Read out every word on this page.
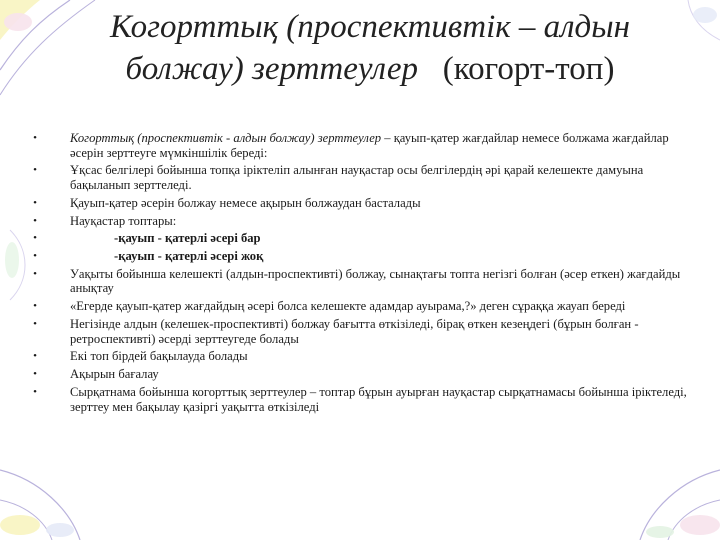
Когорттық (проспективтік – алдын
болжау) зерттеулер (когорт-топ)
•	Когорттық (проспективтік - алдын болжау) зерттеулер – қауып-қатер жағдайлар немесе болжама жағдайлар әсерін зерттеуге мүмкіншілік береді:
•	Ұқсас белгілері бойынша топқа іріктеліп алынған науқастар осы белгілердің әрі қарай келешекте дамуына бақыланып зерттеледі.
•	Қауып-қатер әсерін болжау немесе ақырын болжаудан басталады
•	Науқастар топтары:
•	-қауып - қатерлі әсері бар
•	-қауып - қатерлі әсері жоқ
•	Уақыты бойынша келешекті (алдын-проспективті) болжау, сынақтағы топта негізгі болған (әсер еткен) жағдайды анықтау
•	«Егерде қауып-қатер жағдайдың әсері болса келешекте адамдар ауырама,?» деген сұраққа жауап береді
•	Негізінде алдын (келешек-проспективті) болжау бағытта өткізіледі, бірақ өткен кезеңдегі (бұрын болған - ретроспективті) әсерді зерттеугеде болады
•	Екі топ бірдей бақылауда болады
•	Ақырын бағалау
•	Сырқатнама бойынша когорттық зерттеулер – топтар бұрын ауырған науқастар сырқатнамасы бойынша іріктеледі, зерттеу мен бақылау қазіргі уақытта өткізіледі
